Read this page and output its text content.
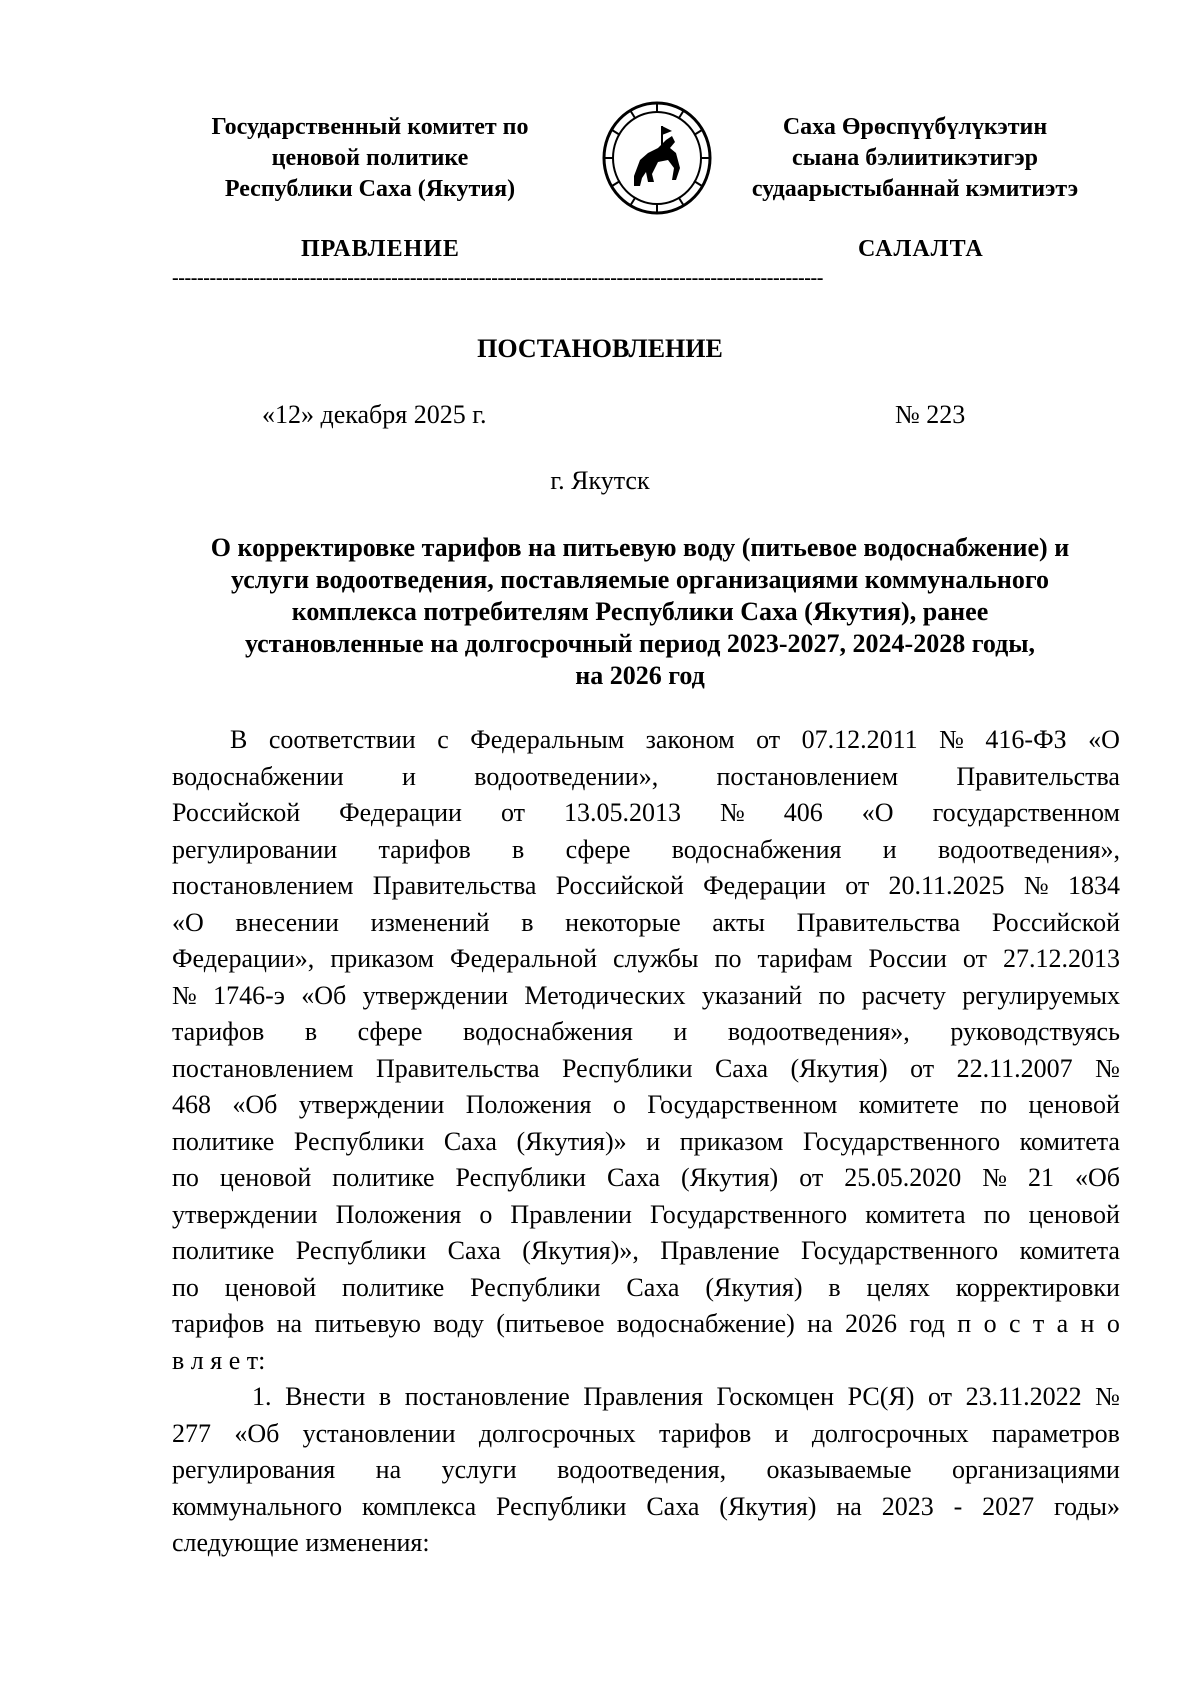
Государственный комитет по
ценовой политике
Республики Саха (Якутия)
Саха Өрөспүүбүлүкэтин
сыана бэлиитикэтигэр
судаарыстыбаннай кэмитиэтэ
ПРАВЛЕНИЕ	САЛАЛТА
--------------------------------------------------------------------------------------------------------
ПОСТАНОВЛЕНИЕ
«12» декабря 2025 г.	№ 223
г. Якутск
О корректировке тарифов на питьевую воду (питьевое водоснабжение) и
услуги водоотведения, поставляемые организациями коммунального
комплекса потребителям Республики Саха (Якутия), ранее
установленные на долгосрочный период 2023-2027, 2024-2028 годы,
на 2026 год
В соответствии с Федеральным законом от 07.12.2011 № 416-ФЗ «О
водоснабжении и водоотведении», постановлением Правительства
Российской Федерации от 13.05.2013 № 406 «О государственном
регулировании тарифов в сфере водоснабжения и водоотведения»,
постановлением Правительства Российской Федерации от 20.11.2025 № 1834
«О внесении изменений в некоторые акты Правительства Российской
Федерации», приказом Федеральной службы по тарифам России от 27.12.2013
№ 1746-э «Об утверждении Методических указаний по расчету регулируемых
тарифов в сфере водоснабжения и водоотведения», руководствуясь
постановлением Правительства Республики Саха (Якутия) от 22.11.2007 №
468 «Об утверждении Положения о Государственном комитете по ценовой
политике Республики Саха (Якутия)» и приказом Государственного комитета
по ценовой политике Республики Саха (Якутия) от 25.05.2020 № 21 «Об
утверждении Положения о Правлении Государственного комитета по ценовой
политике Республики Саха (Якутия)», Правление Государственного комитета
по ценовой политике Республики Саха (Якутия) в целях корректировки
тарифов на питьевую воду (питьевое водоснабжение) на 2026 год п о с т а н о
в л я е т:
1. Внести в постановление Правления Госкомцен РС(Я) от 23.11.2022 №
277 «Об установлении долгосрочных тарифов и долгосрочных параметров
регулирования на услуги водоотведения, оказываемые организациями
коммунального комплекса Республики Саха (Якутия) на 2023 - 2027 годы»
следующие изменения:
